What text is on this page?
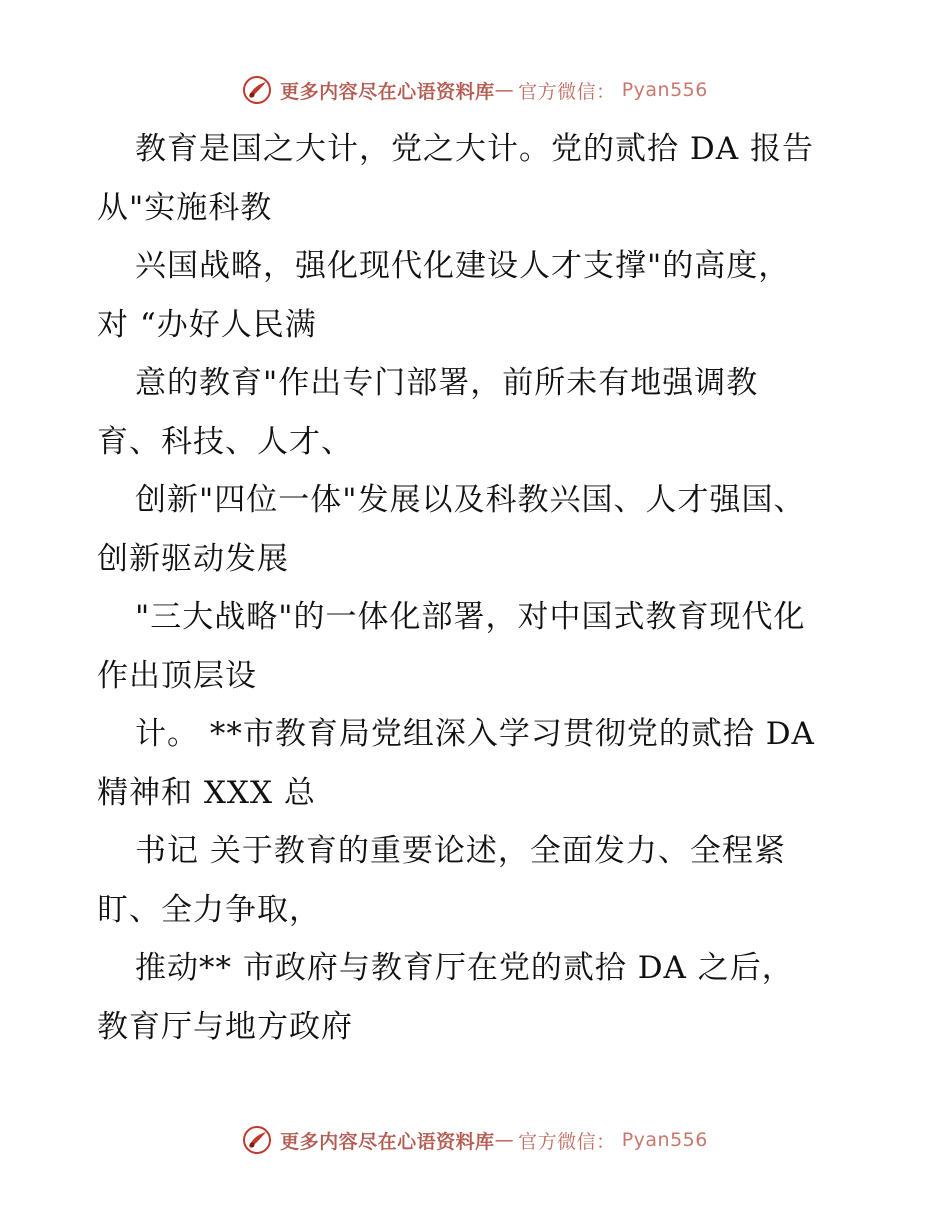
更多内容尽在心语资料库 — 官方微信： Pyan556
教育是国之大计，党之大计。党的贰拾 DA 报告
从"实施科教
兴国战略，强化现代化建设人才支撑"的高度，
对 “办好人民满
意的教育"作出专门部署，前所未有地强调教
育、科技、人才、
创新"四位一体"发展以及科教兴国、人才强国、
创新驱动发展
"三大战略"的一体化部署，对中国式教育现代化
作出顶层设
计。 **市教育局党组深入学习贯彻党的贰拾 DA
精神和 XXX 总
书记 关于教育的重要论述，全面发力、全程紧
盯、全力争取，
推动** 市政府与教育厅在党的贰拾 DA 之后，
教育厅与地方政府
更多内容尽在心语资料库 — 官方微信： Pyan556
